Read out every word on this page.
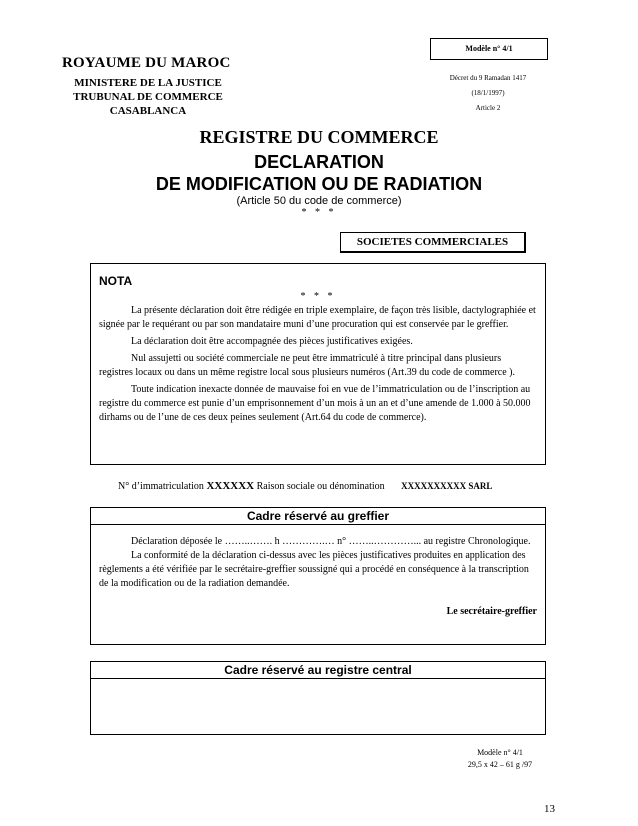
Modèle n° 4/1
Décret du 9 Ramadan 1417
(18/1/1997)
Article 2
ROYAUME DU MAROC
MINISTERE DE LA JUSTICE
TRUBUNAL DE COMMERCE
CASABLANCA
REGISTRE DU COMMERCE
DECLARATION
DE MODIFICATION OU DE RADIATION
(Article 50 du code de commerce)
* * *
SOCIETES COMMERCIALES
NOTA
* * *
La présente déclaration doit être rédigée en triple exemplaire, de façon très lisible, dactylographiée et signée par le requérant ou par son mandataire muni d’une procuration qui est conservée par le greffier.
La déclaration doit être accompagnée des pièces justificatives exigées.
Nul assujetti ou société commerciale ne peut être immatriculé à titre principal dans plusieurs registres locaux ou dans un même registre local sous plusieurs numéros (Art.39 du code de commerce ).
Toute indication inexacte donnée de mauvaise foi en vue de l’immatriculation ou de l’inscription au registre du commerce est punie d’un emprisonnement d’un mois à un an et d’une amende de 1.000 à 50.000 dirhams ou de l’une de ces deux peines seulement (Art.64 du code de commerce).
N° d’immatriculation XXXXXX Raison sociale ou dénomination XXXXXXXXXX SARL
Cadre réservé au greffier
Déclaration déposée le ……..……. h ………….… n° ……..…………... au registre Chronologique.
La conformité de la déclaration ci-dessus avec les pièces justificatives produites en application des règlements a été vérifiée par le secrétaire-greffier soussigné qui a procédé en conséquence à la transcription de la modification ou de la radiation demandée.
Le secrétaire-greffier
Cadre réservé au registre central
Modèle n° 4/1
29,5 x 42 – 61 g /97
13
